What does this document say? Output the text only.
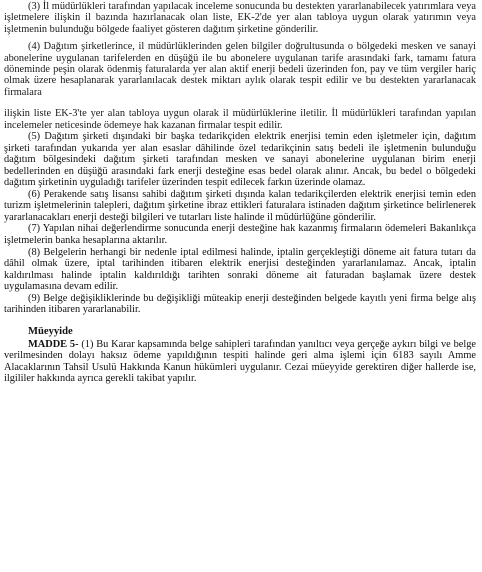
(3) İl müdürlükleri tarafından yapılacak inceleme sonucunda bu destekten yararlanabilecek yatırımlara veya işletmelere ilişkin il bazında hazırlanacak olan liste, EK-2'de yer alan tabloya uygun olarak yatırımın veya işletmenin bulunduğu bölgede faaliyet gösteren dağıtım şirketine gönderilir.

(4) Dağıtım şirketlerince, il müdürlüklerinden gelen bilgiler doğrultusunda o bölgedeki mesken ve sanayi abonelerine uygulanan tarifelerden en düşüğü ile bu abonelere uygulanan tarife arasındaki fark, tamamı fatura döneminde peşin olarak ödenmiş faturalarda yer alan aktif enerji bedeli üzerinden fon, pay ve tüm vergiler hariç olmak üzere hesaplanarak yararlanılacak destek miktarı aylık olarak tespit edilir ve bu destekten yararlanacak firmalara

ilişkin liste EK-3'te yer alan tabloya uygun olarak il müdürlüklerine iletilir. İl müdürlükleri tarafından yapılan incelemeler neticesinde ödemeye hak kazanan firmalar tespit edilir.

(5) Dağıtım şirketi dışındaki bir başka tedarikçiden elektrik enerjisi temin eden işletmeler için, dağıtım şirketi tarafından yukarıda yer alan esaslar dâhilinde özel tedarikçinin satış bedeli ile işletmenin bulunduğu dağıtım bölgesindeki dağıtım şirketi tarafından mesken ve sanayi abonelerine uygulanan birim enerji bedellerinden en düşüğü arasındaki fark enerji desteğine esas bedel olarak alınır. Ancak, bu bedel o bölgedeki dağıtım şirketinin uyguladığı tarifeler üzerinden tespit edilecek farkın üzerinde olamaz.

(6) Perakende satış lisansı sahibi dağıtım şirketi dışında kalan tedarikçilerden elektrik enerjisi temin eden turizm işletmelerinin talepleri, dağıtım şirketine ibraz ettikleri faturalara istinaden dağıtım şirketince belirlenerek yararlanacakları enerji desteği bilgileri ve tutarları liste halinde il müdürlüğüne gönderilir.

(7) Yapılan nihai değerlendirme sonucunda enerji desteğine hak kazanmış firmaların ödemeleri Bakanlıkça işletmelerin banka hesaplarına aktarılır.

(8) Belgelerin herhangi bir nedenle iptal edilmesi halinde, iptalin gerçekleştiği döneme ait fatura tutarı da dâhil olmak üzere, iptal tarihinden itibaren elektrik enerjisi desteğinden yararlanılamaz. Ancak, iptalin kaldırılması halinde iptalin kaldırıldığı tarihten sonraki döneme ait faturadan başlamak üzere destek uygulamasına devam edilir.

(9) Belge değişikliklerinde bu değişikliği müteakip enerji desteğinden belgede kayıtlı yeni firma belge alış tarihinden itibaren yararlanabilir.

Müeyyide

MADDE 5- (1) Bu Karar kapsamında belge sahipleri tarafından yanıltıcı veya gerçeğe aykırı bilgi ve belge verilmesinden dolayı haksız ödeme yapıldığının tespiti halinde geri alma işlemi için 6183 sayılı Amme Alacaklarının Tahsil Usulü Hakkında Kanun hükümleri uygulanır. Cezai müeyyide gerektiren diğer hallerde ise, ilgililer hakkında ayrıca gerekli takibat yapılır.
